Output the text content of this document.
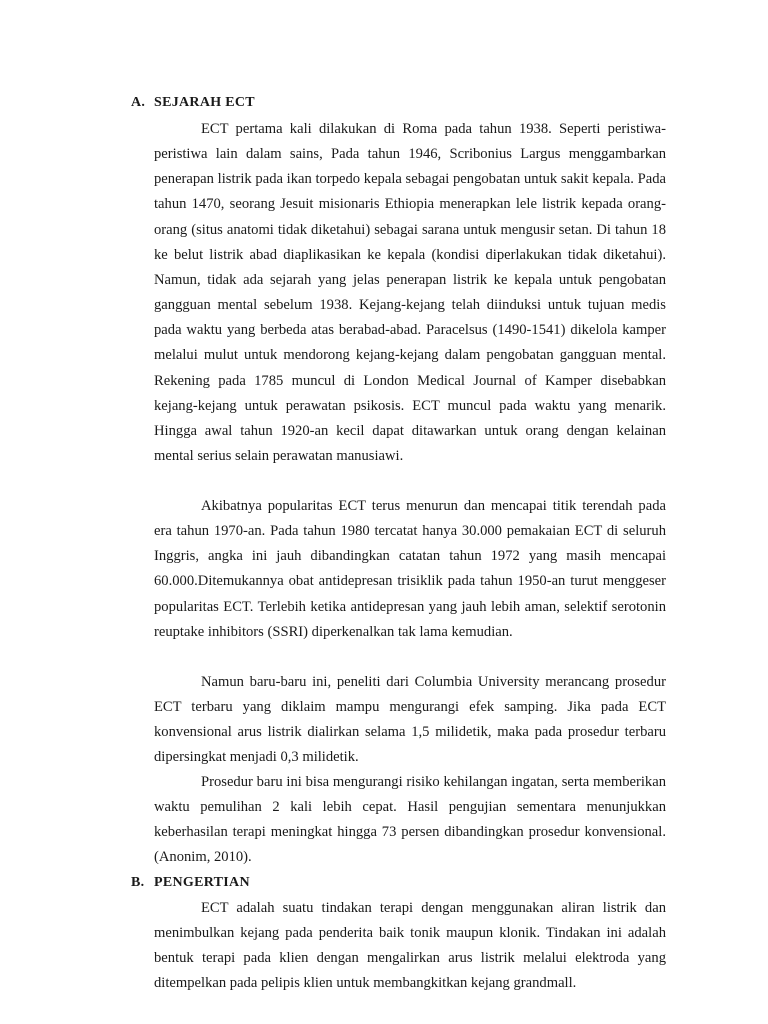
A. SEJARAH ECT

ECT pertama kali dilakukan di Roma pada tahun 1938. Seperti peristiwa-peristiwa lain dalam sains, Pada tahun 1946, Scribonius Largus menggambarkan penerapan listrik pada ikan torpedo kepala sebagai pengobatan untuk sakit kepala. Pada tahun 1470, seorang Jesuit misionaris Ethiopia menerapkan lele listrik kepada orang-orang (situs anatomi tidak diketahui) sebagai sarana untuk mengusir setan. Di tahun 18 ke belut listrik abad diaplikasikan ke kepala (kondisi diperlakukan tidak diketahui). Namun, tidak ada sejarah yang jelas penerapan listrik ke kepala untuk pengobatan gangguan mental sebelum 1938. Kejang-kejang telah diinduksi untuk tujuan medis pada waktu yang berbeda atas berabad-abad. Paracelsus (1490-1541) dikelola kamper melalui mulut untuk mendorong kejang-kejang dalam pengobatan gangguan mental. Rekening pada 1785 muncul di London Medical Journal of Kamper disebabkan kejang-kejang untuk perawatan psikosis. ECT muncul pada waktu yang menarik. Hingga awal tahun 1920-an kecil dapat ditawarkan untuk orang dengan kelainan mental serius selain perawatan manusiawi.

Akibatnya popularitas ECT terus menurun dan mencapai titik terendah pada era tahun 1970-an. Pada tahun 1980 tercatat hanya 30.000 pemakaian ECT di seluruh Inggris, angka ini jauh dibandingkan catatan tahun 1972 yang masih mencapai 60.000.Ditemukannya obat antidepresan trisiklik pada tahun 1950-an turut menggeser popularitas ECT. Terlebih ketika antidepresan yang jauh lebih aman, selektif serotonin reuptake inhibitors (SSRI) diperkenalkan tak lama kemudian.

Namun baru-baru ini, peneliti dari Columbia University merancang prosedur ECT terbaru yang diklaim mampu mengurangi efek samping. Jika pada ECT konvensional arus listrik dialirkan selama 1,5 milidetik, maka pada prosedur terbaru dipersingkat menjadi 0,3 milidetik.

Prosedur baru ini bisa mengurangi risiko kehilangan ingatan, serta memberikan waktu pemulihan 2 kali lebih cepat. Hasil pengujian sementara menunjukkan keberhasilan terapi meningkat hingga 73 persen dibandingkan prosedur konvensional. (Anonim, 2010).

B. PENGERTIAN

ECT adalah suatu tindakan terapi dengan menggunakan aliran listrik dan menimbulkan kejang pada penderita baik tonik maupun klonik. Tindakan ini adalah bentuk terapi pada klien dengan mengalirkan arus listrik melalui elektroda yang ditempelkan pada pelipis klien untuk membangkitkan kejang grandmall.
